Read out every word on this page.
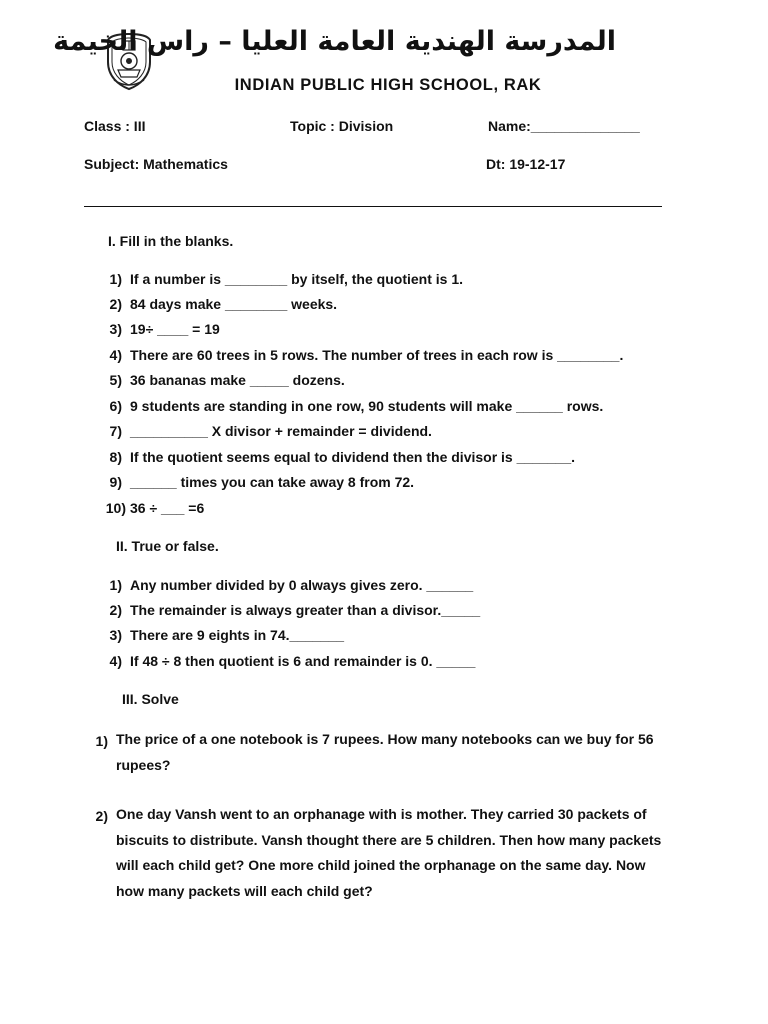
المدرسة الهندية العامة العليا – راس الخيمة
INDIAN PUBLIC HIGH SCHOOL, RAK
Class : III	Topic : Division	Name:______________
Subject: Mathematics	Dt: 19-12-17
I. Fill in the blanks.
1) If a number is ________ by itself, the quotient is 1.
2) 84 days make ________ weeks.
3) 19÷ ____ = 19
4) There are 60 trees in 5 rows. The number of trees in each row is ________.
5) 36 bananas make _____ dozens.
6) 9 students are standing in one row, 90 students will make ______ rows.
7) __________ X divisor + remainder = dividend.
8) If the quotient seems equal to dividend then the divisor is _______.
9) ______ times you can take away 8 from 72.
10) 36 ÷ ___ =6
II. True or false.
1) Any number divided by 0 always gives zero. ______
2) The remainder is always greater than a divisor._____
3) There are 9 eights in 74._______
4) If 48 ÷ 8 then quotient is 6 and remainder is 0. _____
III. Solve
1) The price of a one notebook is 7 rupees. How many notebooks can we buy for 56 rupees?
2) One day Vansh went to an orphanage with is mother. They carried 30 packets of biscuits to distribute. Vansh thought there are 5 children. Then how many packets will each child get? One more child joined the orphanage on the same day. Now how many packets will each child get?
